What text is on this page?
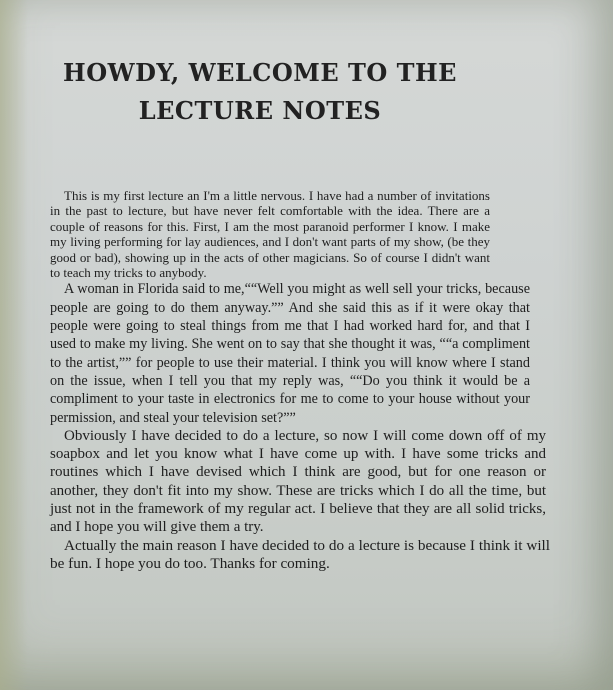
HOWDY, WELCOME TO THE LECTURE NOTES

This is my first lecture an I'm a little nervous. I have had a number of invitations in the past to lecture, but have never felt comfortable with the idea. There are a couple of reasons for this. First, I am the most paranoid performer I know. I make my living performing for lay audiences, and I don't want parts of my show, (be they good or bad), showing up in the acts of other magicians. So of course I didn't want to teach my tricks to anybody.

A woman in Florida said to me,““Well you might as well sell your tricks, because people are going to do them anyway.”” And she said this as if it were okay that people were going to steal things from me that I had worked hard for, and that I used to make my living. She went on to say that she thought it was, ““a compliment to the artist,”” for people to use their material. I think you will know where I stand on the issue, when I tell you that my reply was, ““Do you think it would be a compliment to your taste in electronics for me to come to your house without your permission, and steal your television set?””

Obviously I have decided to do a lecture, so now I will come down off of my soapbox and let you know what I have come up with. I have some tricks and routines which I have devised which I think are good, but for one reason or another, they don't fit into my show. These are tricks which I do all the time, but just not in the framework of my regular act. I believe that they are all solid tricks, and I hope you will give them a try.

Actually the main reason I have decided to do a lecture is because I think it will be fun. I hope you do too. Thanks for coming.
